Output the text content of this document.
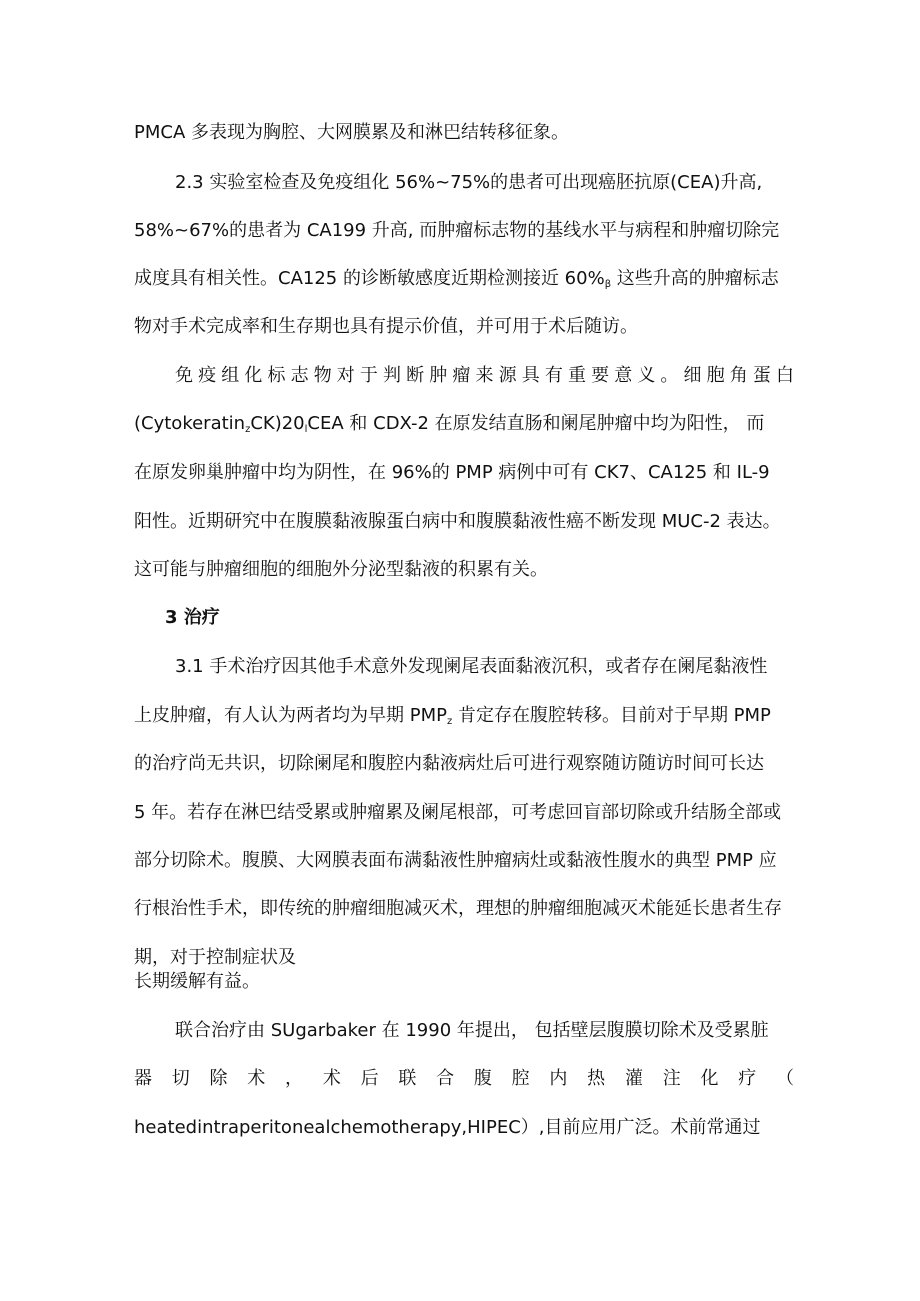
PMCA 多表现为胸腔、大网膜累及和淋巴结转移征象。
2.3 实验室检查及免疫组化 56%~75%的患者可出现癌胚抗原(CEA)升高,
58%~67%的患者为 CA199 升高, 而肿瘤标志物的基线水平与病程和肿瘤切除完
成度具有相关性。CA125 的诊断敏感度近期检测接近 $60\%_\beta$ 这些升高的肿瘤标志
物对手术完成率和生存期也具有提示价值，并可用于术后随访。
免疫组化标志物对于判断肿瘤来源具有重要意义。细胞角蛋白
$(Cytokeratin_zCK)20_lCEA$ 和 CDX-2 在原发结直肠和阑尾肿瘤中均为阳性， 而
在原发卵巢肿瘤中均为阴性，在 96%的 PMP 病例中可有 CK7、CA125 和 IL-9
阳性。近期研究中在腹膜黏液腺蛋白病中和腹膜黏液性癌不断发现 MUC-2 表达。
这可能与肿瘤细胞的细胞外分泌型黏液的积累有关。
3 治疗
3.1 手术治疗因其他手术意外发现阑尾表面黏液沉积，或者存在阑尾黏液性
上皮肿瘤，有人认为两者均为早期 $PMP_z$ 肯定存在腹腔转移。目前对于早期 PMP
的治疗尚无共识，切除阑尾和腹腔内黏液病灶后可进行观察随访随访时间可长达
5 年。若存在淋巴结受累或肿瘤累及阑尾根部，可考虑回盲部切除或升结肠全部或
部分切除术。腹膜、大网膜表面布满黏液性肿瘤病灶或黏液性腹水的典型 PMP 应
行根治性手术，即传统的肿瘤细胞减灭术，理想的肿瘤细胞减灭术能延长患者生存
期，对于控制症状及
长期缓解有益。
联合治疗由 SUgarbaker 在 1990 年提出， 包括壁层腹膜切除术及受累脏
器切除术，术后联合腹腔内热灌注化疗（
heatedintraperitonealchemotherapy,HIPEC）,目前应用广泛。术前常通过
